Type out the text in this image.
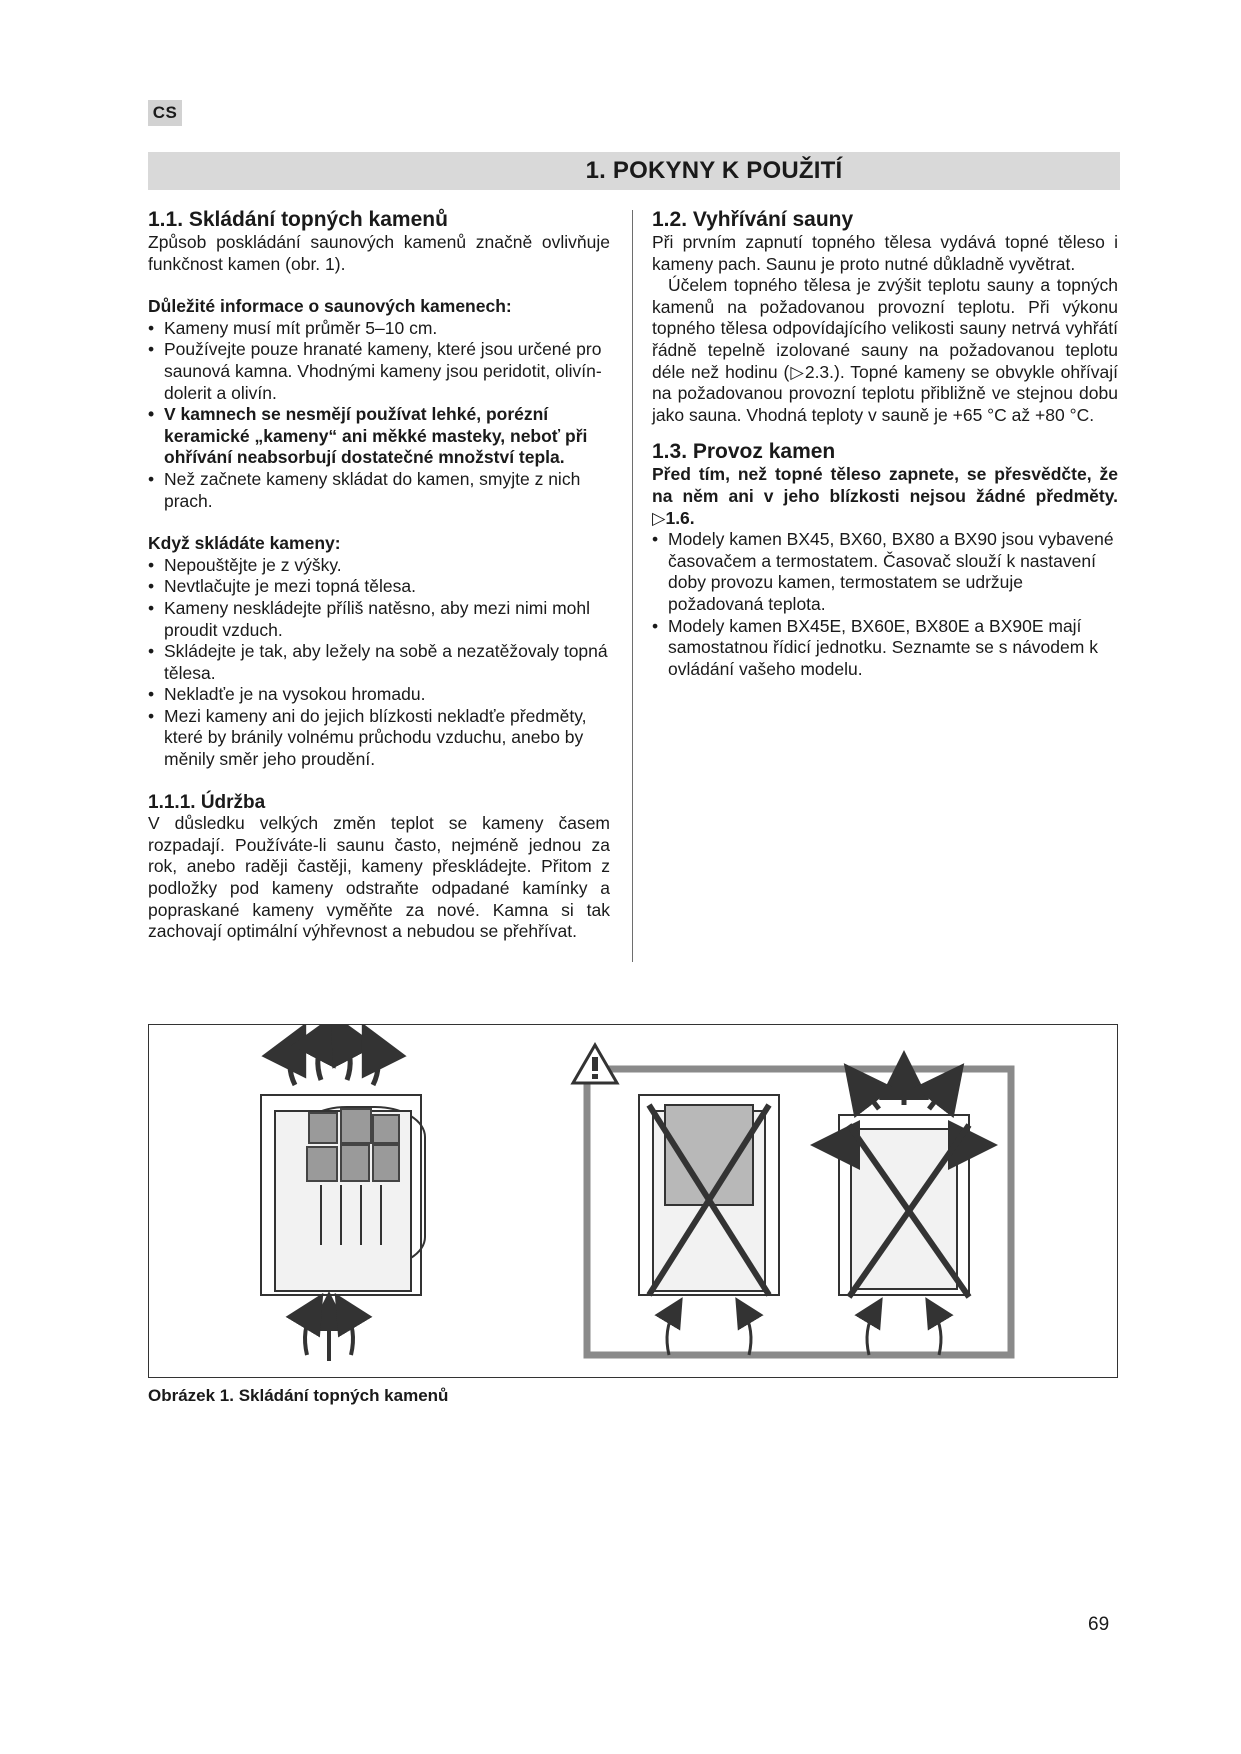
CS
1. POKYNY K POUŽITÍ
1.1. Skládání topných kamenů

Způsob poskládání saunových kamenů značně ovlivňuje funkčnost kamen (obr. 1).

Důležité informace o saunových kamenech:
• Kameny musí mít průměr 5–10 cm.
• Používejte pouze hranaté kameny, které jsou určené pro saunová kamna. Vhodnými kameny jsou peridotit, olivín-dolerit a olivín.
• V kamnech se nesmějí používat lehké, porézní keramické „kameny“ ani měkké masteky, neboť při ohřívání neabsorbují dostatečné množství tepla.
• Než začnete kameny skládat do kamen, smyjte z nich prach.
Když skládáte kameny:
• Nepouštějte je z výšky.
• Nevtlačujte je mezi topná tělesa.
• Kameny neskládejte příliš natěsno, aby mezi nimi mohl proudit vzduch.
• Skládejte je tak, aby ležely na sobě a nezatěžovaly topná tělesa.
• Nekladťe je na vysokou hromadu.
• Mezi kameny ani do jejich blízkosti nekladťe předměty, které by bránily volnému průchodu vzduchu, anebo by měnily směr jeho proudění.
1.1.1. Údržba

V důsledku velkých změn teplot se kameny časem rozpadají. Používáte-li saunu často, nejméně jednou za rok, anebo raději častěji, kameny přeskládejte. Přitom z podložky pod kameny odstraňte odpadané kamínky a popraskané kameny vyměňte za nové. Kamna si tak zachovají optimální výhřevnost a nebudou se přehřívat.

1.2. Vyhřívání sauny

Při prvním zapnutí topného tělesa vydává topné těleso i kameny pach. Saunu je proto nutné důkladně vyvětrat.

Účelem topného tělesa je zvýšit teplotu sauny a topných kamenů na požadovanou provozní teplotu. Při výkonu topného tělesa odpovídajícího velikosti sauny netrvá vyhřátí řádně tepelně izolované sauny na požadovanou teplotu déle než hodinu (▷2.3.). Topné kameny se obvykle ohřívají na požadovanou provozní teplotu přibližně ve stejnou dobu jako sauna. Vhodná teploty v sauně je +65 °C až +80 °C.

1.3. Provoz kamen

Před tím, než topné těleso zapnete, se přesvědčte, že na něm ani v jeho blízkosti nejsou žádné předměty. ▷1.6.

• Modely kamen BX45, BX60, BX80 a BX90 jsou vybavené časovačem a termostatem. Časovač slouží k nastavení doby provozu kamen, termostatem se udržuje požadovaná teplota.
• Modely kamen BX45E, BX60E, BX80E a BX90E mají samostatnou řídicí jednotku. Seznamte se s návodem k ovládání vašeho modelu.
Obrázek 1. Skládání topných kamenů
69
